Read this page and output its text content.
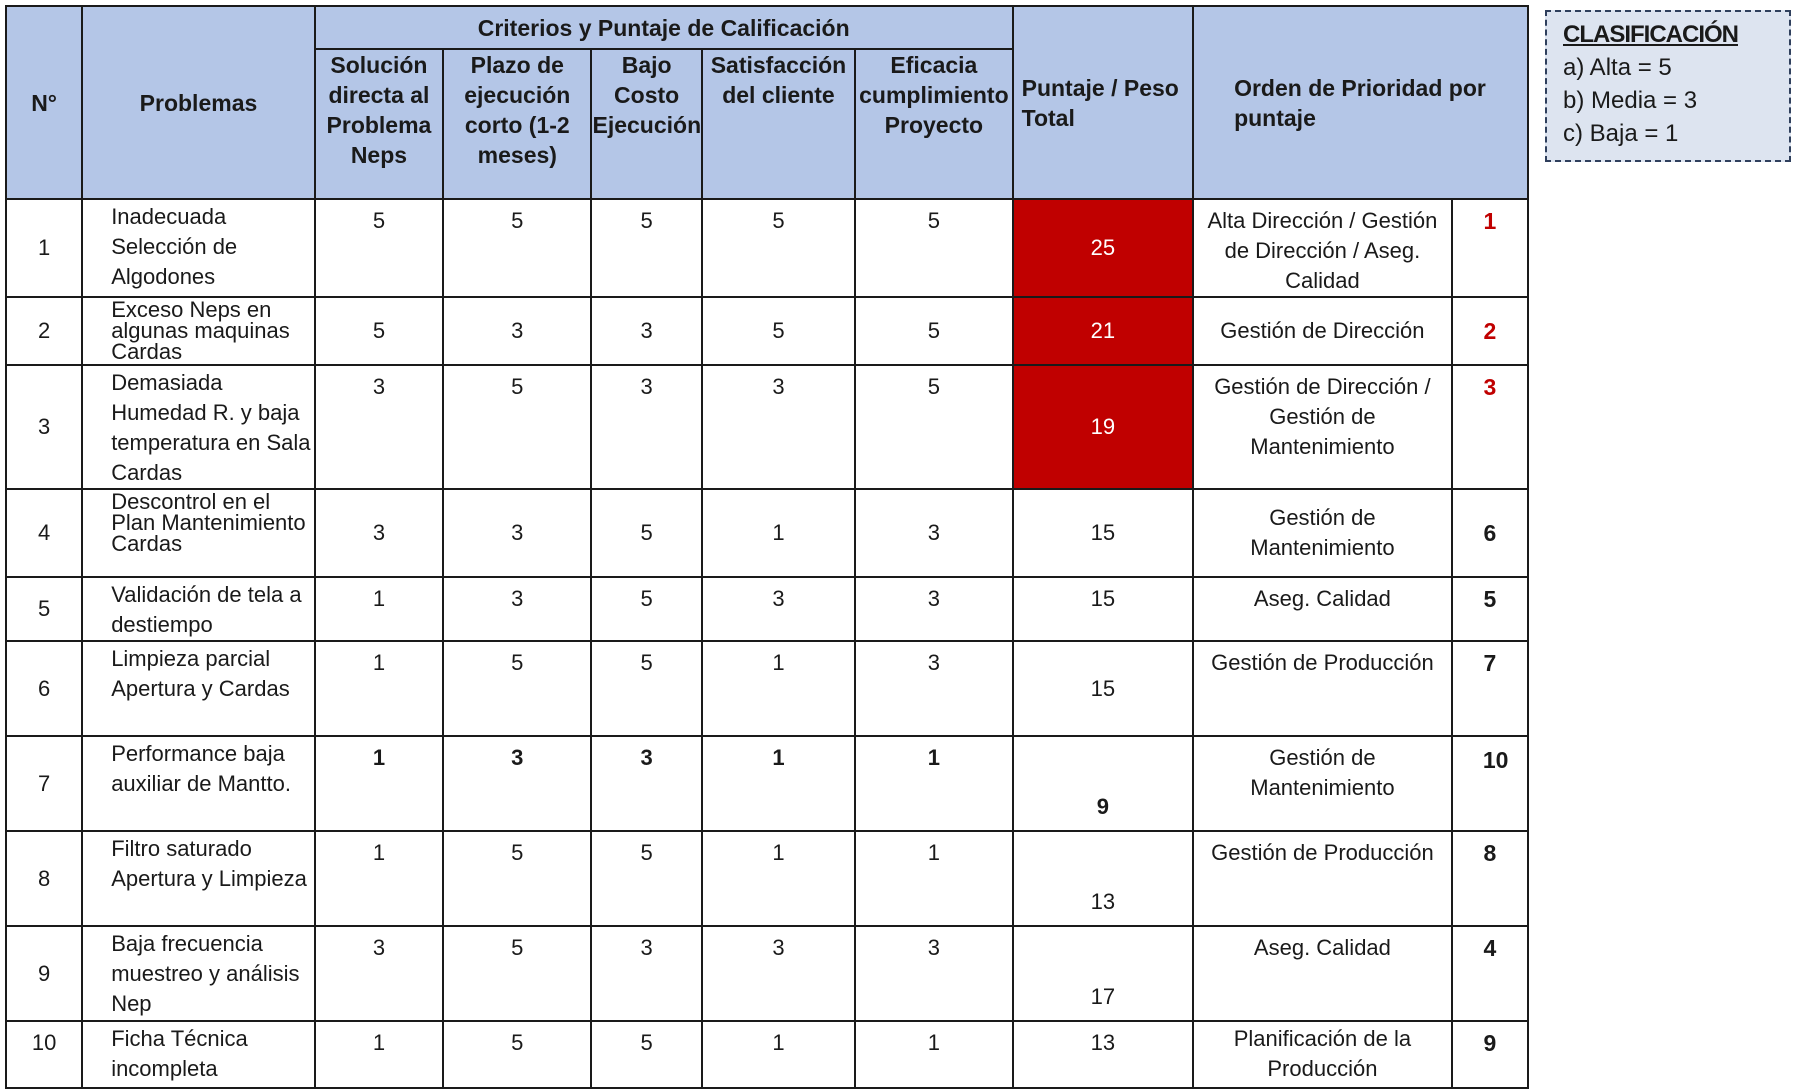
N°	Problemas	Criterios y Puntaje de Calificación					Puntaje / Peso Total	Orden de Prioridad por puntaje	
		Solución directa al Problema Neps	Plazo de ejecución corto (1-2 meses)	Bajo Costo Ejecución	Satisfacción del cliente	Eficacia cumplimiento Proyecto			
1	Inadecuada Selección de Algodones	5	5	5	5	5	25	Alta Dirección / Gestión de Dirección / Aseg. Calidad	1
2	Exceso Neps en algunas maquinas Cardas	5	3	3	5	5	21	Gestión de Dirección	2
3	Demasiada Humedad R. y baja temperatura en Sala Cardas	3	5	3	3	5	19	Gestión de Dirección / Gestión de Mantenimiento	3
4	Descontrol en el Plan Mantenimiento Cardas	3	3	5	1	3	15	Gestión de Mantenimiento	6
5	Validación de tela a destiempo	1	3	5	3	3	15	Aseg. Calidad	5
6	Limpieza parcial Apertura y Cardas	1	5	5	1	3	15	Gestión de Producción	7
7	Performance baja auxiliar de Mantto.	1	3	3	1	1	9	Gestión de Mantenimiento	10
8	Filtro saturado Apertura y Limpieza	1	5	5	1	1	13	Gestión de Producción	8
9	Baja frecuencia muestreo y análisis Nep	3	5	3	3	3	17	Aseg. Calidad	4
10	Ficha Técnica incompleta	1	5	5	1	1	13	Planificación de la Producción	9
CLASIFICACIÓN
a) Alta = 5
b) Media = 3
c) Baja = 1
